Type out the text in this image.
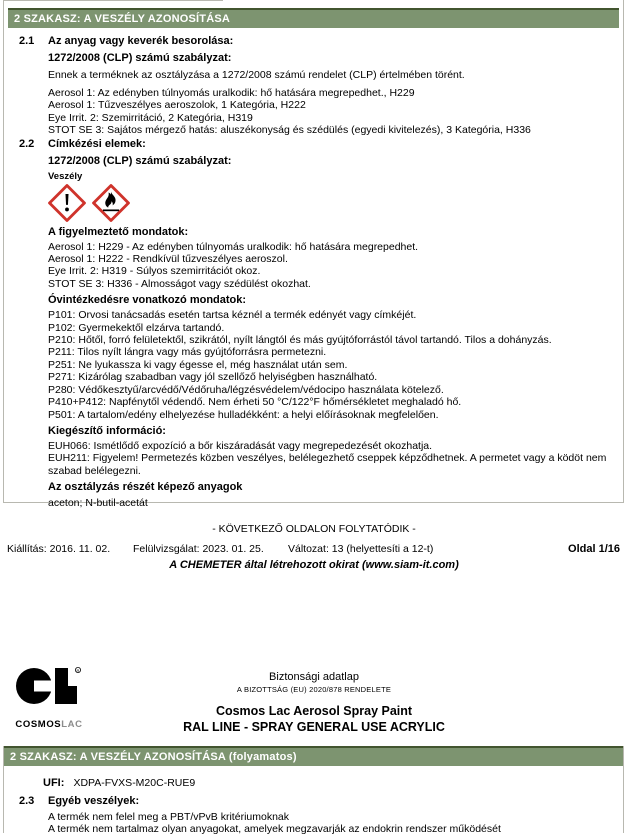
2 SZAKASZ: A VESZÉLY AZONOSÍTÁSA
2.1	Az anyag vagy keverék besorolása:
1272/2008 (CLP) számú szabályzat:
Ennek a terméknek az osztályzása a 1272/2008 számú rendelet (CLP) értelmében törént.
Aerosol 1: Az edényben túlnyomás uralkodik: hő hatására megrepedhet., H229
Aerosol 1: Tűzveszélyes aeroszolok, 1 Kategória, H222
Eye Irrit. 2: Szemirritáció, 2 Kategória, H319
STOT SE 3: Sajátos mérgező hatás: aluszékonyság és szédülés (egyedi kivitelezés), 3 Kategória, H336
2.2	Címkézési elemek:
1272/2008 (CLP) számú szabályzat:
Veszély
A figyelmeztető mondatok:
Aerosol 1: H229 - Az edényben túlnyomás uralkodik: hő hatására megrepedhet.
Aerosol 1: H222 - Rendkívül tűzveszélyes aeroszol.
Eye Irrit. 2: H319 - Súlyos szemirritációt okoz.
STOT SE 3: H336 - Almosságot vagy szédülést okozhat.
Óvintézkedésre vonatkozó mondatok:
P101: Orvosi tanácsadás esetén tartsa kéznél a termék edényét vagy címkéjét.
P102: Gyermekektől elzárva tartandó.
P210: Hőtől, forró felületektől, szikrától, nyílt lángtól és más gyújtóforrástól távol tartandó. Tilos a dohányzás.
P211: Tilos nyílt lángra vagy más gyújtóforrásra permetezni.
P251: Ne lyukassza ki vagy égesse el, még használat után sem.
P271: Kizárólag szabadban vagy jól szellőző helyiségben használható.
P280: Védőkesztyű/arcvédő/Védőruha/légzésvédelem/védocipo használata kötelező.
P410+P412: Napfénytől védendő. Nem érheti 50 °C/122°F hőmérsékletet meghaladó hő.
P501: A tartalom/edény elhelyezése hulladékként: a helyi előírásoknak megfelelően.
Kiegészítő információ:
EUH066: Ismétlődő expozíció a bőr kiszáradását vagy megrepedezését okozhatja.
EUH211: Figyelem! Permetezés közben veszélyes, belélegezhető cseppek képződhetnek. A permetet vagy a ködöt nem szabad belélegezni.
Az osztályzás részét képező anyagok
aceton; N-butil-acetát
- KÖVETKEZŐ OLDALON FOLYTATÓDIK -
Kiállítás: 2016. 11. 02. Felülvizsgálat: 2023. 01. 25. Változat: 13 (helyettesíti a 12-t)	Oldal 1/16
A CHEMETER által létrehozott okirat (www.siam-it.com)
R
COSMOSLAC
Biztonsági adatlap
A BIZOTTSÁG (EU) 2020/878 RENDELETE
Cosmos Lac Aerosol Spray Paint
RAL LINE - SPRAY GENERAL USE ACRYLIC
2 SZAKASZ: A VESZÉLY AZONOSÍTÁSA (folyamatos)
UFI: XDPA-FVXS-M20C-RUE9
2.3	Egyéb veszélyek:
A termék nem felel meg a PBT/vPvB kritériumoknak
A termék nem tartalmaz olyan anyagokat, amelyek megzavarják az endokrin rendszer működését
